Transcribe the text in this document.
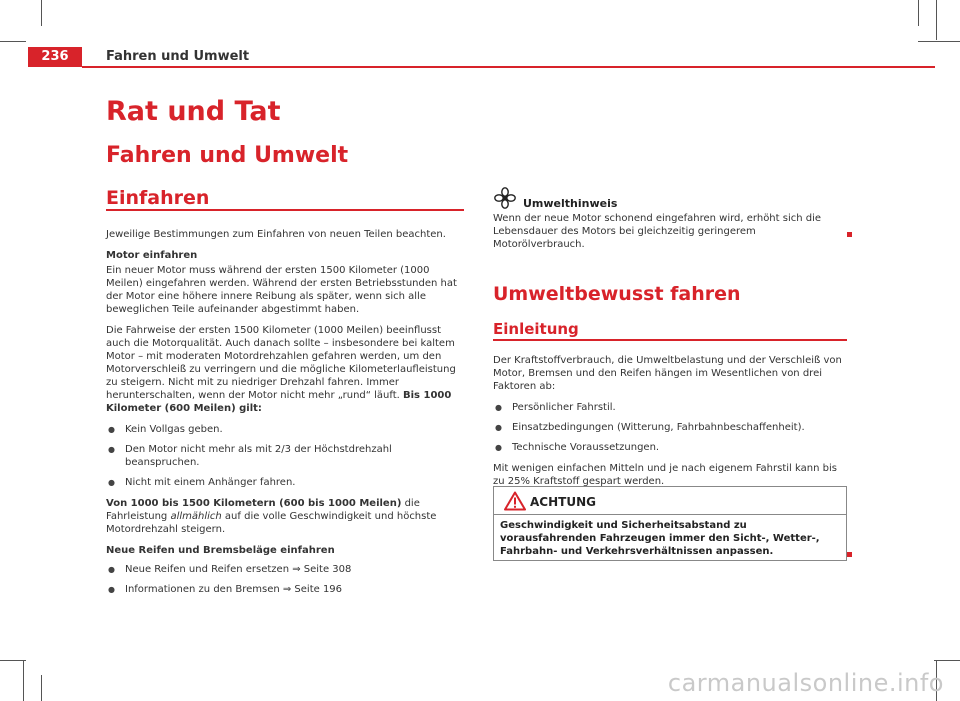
236	Fahren und Umwelt
Rat und Tat
Fahren und Umwelt
Einfahren

Jeweilige Bestimmungen zum Einfahren von neuen Teilen beachten.

Motor einfahren

Ein neuer Motor muss während der ersten 1500 Kilometer (1000 Meilen) eingefahren werden. Während der ersten Betriebsstunden hat der Motor eine höhere innere Reibung als später, wenn sich alle beweglichen Teile aufeinander abgestimmt haben.

Die Fahrweise der ersten 1500 Kilometer (1000 Meilen) beeinflusst auch die Motorqualität. Auch danach sollte – insbesondere bei kaltem Motor – mit moderaten Motordrehzahlen gefahren werden, um den Motorverschleiß zu verringern und die mögliche Kilometerlaufleistung zu steigern. Nicht mit zu niedriger Drehzahl fahren. Immer herunterschalten, wenn der Motor nicht mehr „rund“ läuft. Bis 1000 Kilometer (600 Meilen) gilt:

● Kein Vollgas geben.
● Den Motor nicht mehr als mit 2/3 der Höchstdrehzahl beanspruchen.
● Nicht mit einem Anhänger fahren.

Von 1000 bis 1500 Kilometern (600 bis 1000 Meilen) die Fahrleistung allmählich auf die volle Geschwindigkeit und höchste Motordrehzahl steigern.

Neue Reifen und Bremsbeläge einfahren

● Neue Reifen und Reifen ersetzen ⇒ Seite 308
● Informationen zu den Bremsen ⇒ Seite 196
Umwelthinweis
Wenn der neue Motor schonend eingefahren wird, erhöht sich die Lebensdauer des Motors bei gleichzeitig geringerem Motorölverbrauch.
Umweltbewusst fahren
Einleitung

Der Kraftstoffverbrauch, die Umweltbelastung und der Verschleiß von Motor, Bremsen und den Reifen hängen im Wesentlichen von drei Faktoren ab:

● Persönlicher Fahrstil.
● Einsatzbedingungen (Witterung, Fahrbahnbeschaffenheit).
● Technische Voraussetzungen.

Mit wenigen einfachen Mitteln und je nach eigenem Fahrstil kann bis zu 25% Kraftstoff gespart werden.

ACHTUNG
Geschwindigkeit und Sicherheitsabstand zu vorausfahrenden Fahrzeugen immer den Sicht-, Wetter-, Fahrbahn- und Verkehrsverhältnissen anpassen.
carmanualsonline.info
